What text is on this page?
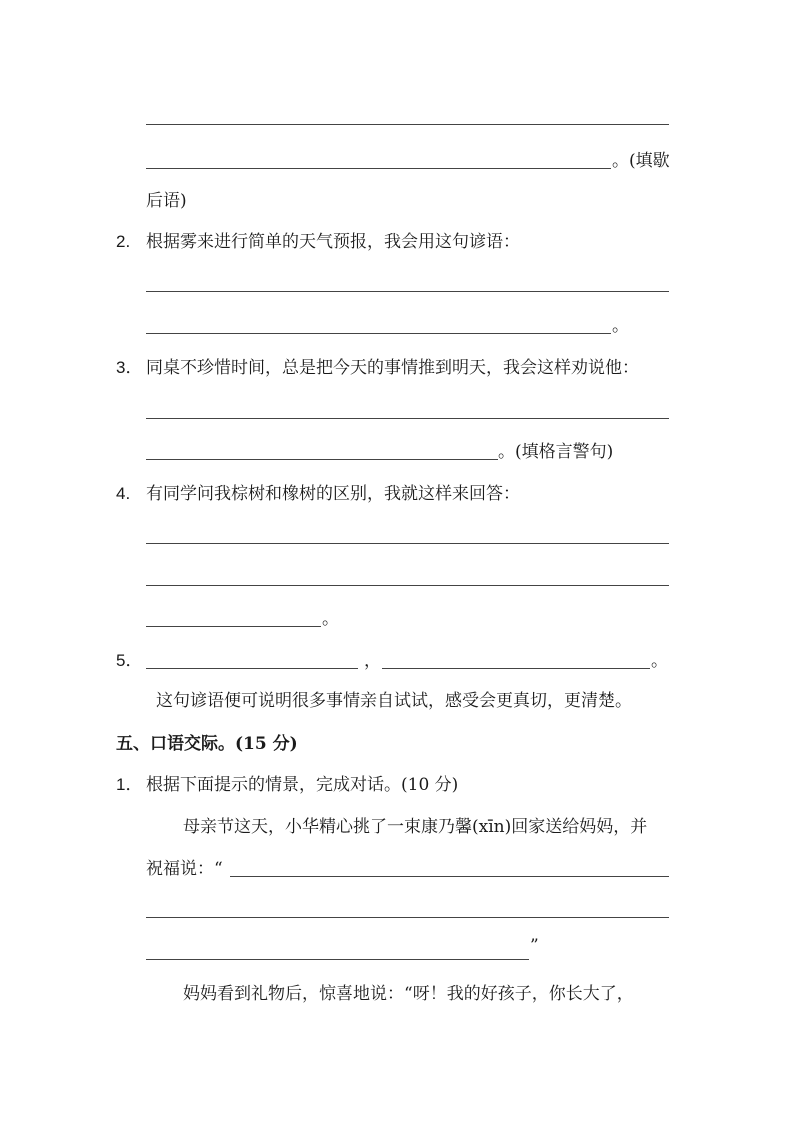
。(填歇
后语)
2. 根据雾来进行简单的天气预报，我会用这句谚语：
。
3． 同桌不珍惜时间，总是把今天的事情推到明天，我会这样劝说他：
。(填格言警句)
4. 有同学问我棕树和橡树的区别，我就这样来回答：
。
5．	，	。
这句谚语便可说明很多事情亲自试试，感受会更真切，更清楚。
五、口语交际。(15 分)
1． 根据下面提示的情景，完成对话。(10 分)
母亲节这天，小华精心挑了一束康乃馨(xīn)回家送给妈妈，并
祝福说：“
”
妈妈看到礼物后，惊喜地说：“呀！我的好孩子，你长大了，
